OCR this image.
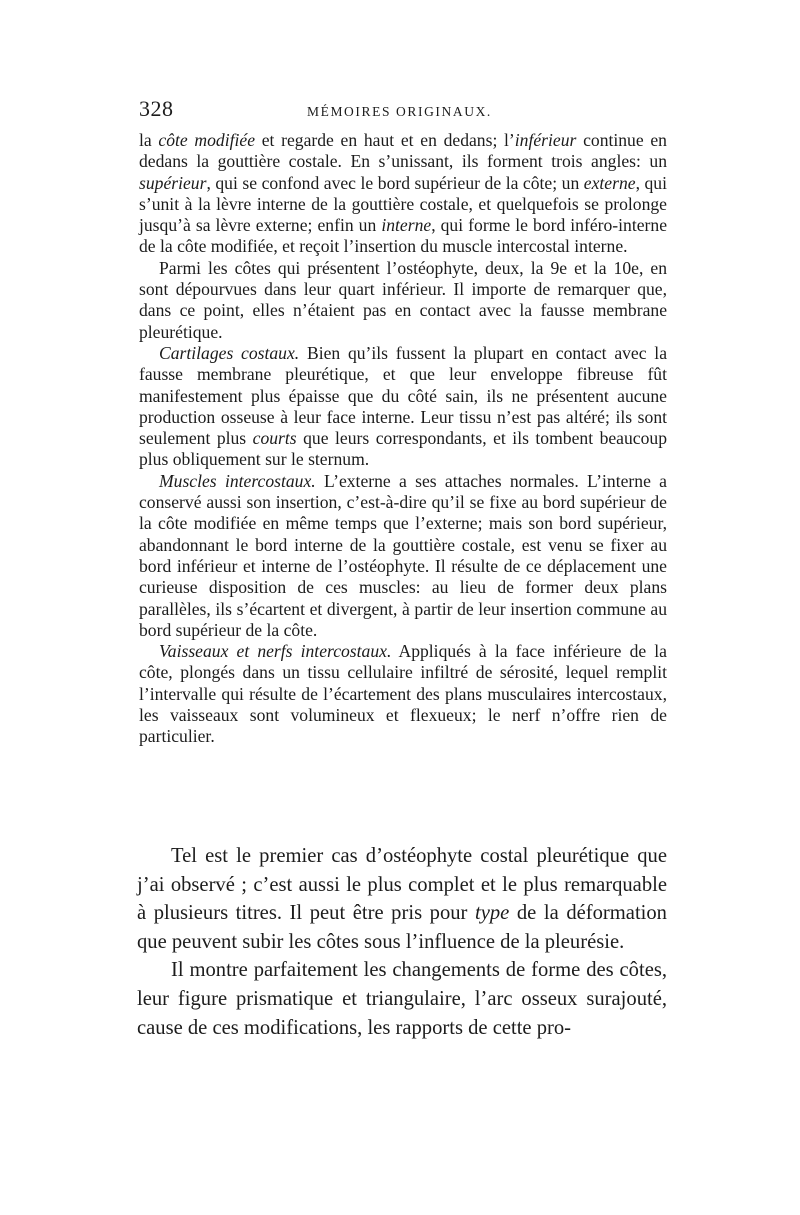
328	MÉMOIRES ORIGINAUX.

la côte modifiée et regarde en haut et en dedans; l’inférieur continue en dedans la gouttière costale. En s’unissant, ils forment trois angles: un supérieur, qui se confond avec le bord supérieur de la côte; un externe, qui s’unit à la lèvre interne de la gouttière costale, et quelquefois se prolonge jusqu’à sa lèvre externe; enfin un interne, qui forme le bord inféro-interne de la côte modifiée, et reçoit l’insertion du muscle intercostal interne.

Parmi les côtes qui présentent l’ostéophyte, deux, la 9e et la 10e, en sont dépourvues dans leur quart inférieur. Il importe de remarquer que, dans ce point, elles n’étaient pas en contact avec la fausse membrane pleurétique.

Cartilages costaux. Bien qu’ils fussent la plupart en contact avec la fausse membrane pleurétique, et que leur enveloppe fibreuse fût manifestement plus épaisse que du côté sain, ils ne présentent aucune production osseuse à leur face interne. Leur tissu n’est pas altéré; ils sont seulement plus courts que leurs correspondants, et ils tombent beaucoup plus obliquement sur le sternum.

Muscles intercostaux. L’externe a ses attaches normales. L’interne a conservé aussi son insertion, c’est-à-dire qu’il se fixe au bord supérieur de la côte modifiée en même temps que l’externe; mais son bord supérieur, abandonnant le bord interne de la gouttière costale, est venu se fixer au bord inférieur et interne de l’ostéophyte. Il résulte de ce déplacement une curieuse disposition de ces muscles: au lieu de former deux plans parallèles, ils s’écartent et divergent, à partir de leur insertion commune au bord supérieur de la côte.

Vaisseaux et nerfs intercostaux. Appliqués à la face inférieure de la côte, plongés dans un tissu cellulaire infiltré de sérosité, lequel remplit l’intervalle qui résulte de l’écartement des plans musculaires intercostaux, les vaisseaux sont volumineux et flexueux; le nerf n’offre rien de particulier.

Tel est le premier cas d’ostéophyte costal pleurétique que j’ai observé ; c’est aussi le plus complet et le plus remarquable à plusieurs titres. Il peut être pris pour type de la déformation que peuvent subir les côtes sous l’influence de la pleurésie.

Il montre parfaitement les changements de forme des côtes, leur figure prismatique et triangulaire, l’arc osseux surajouté, cause de ces modifications, les rapports de cette pro-
